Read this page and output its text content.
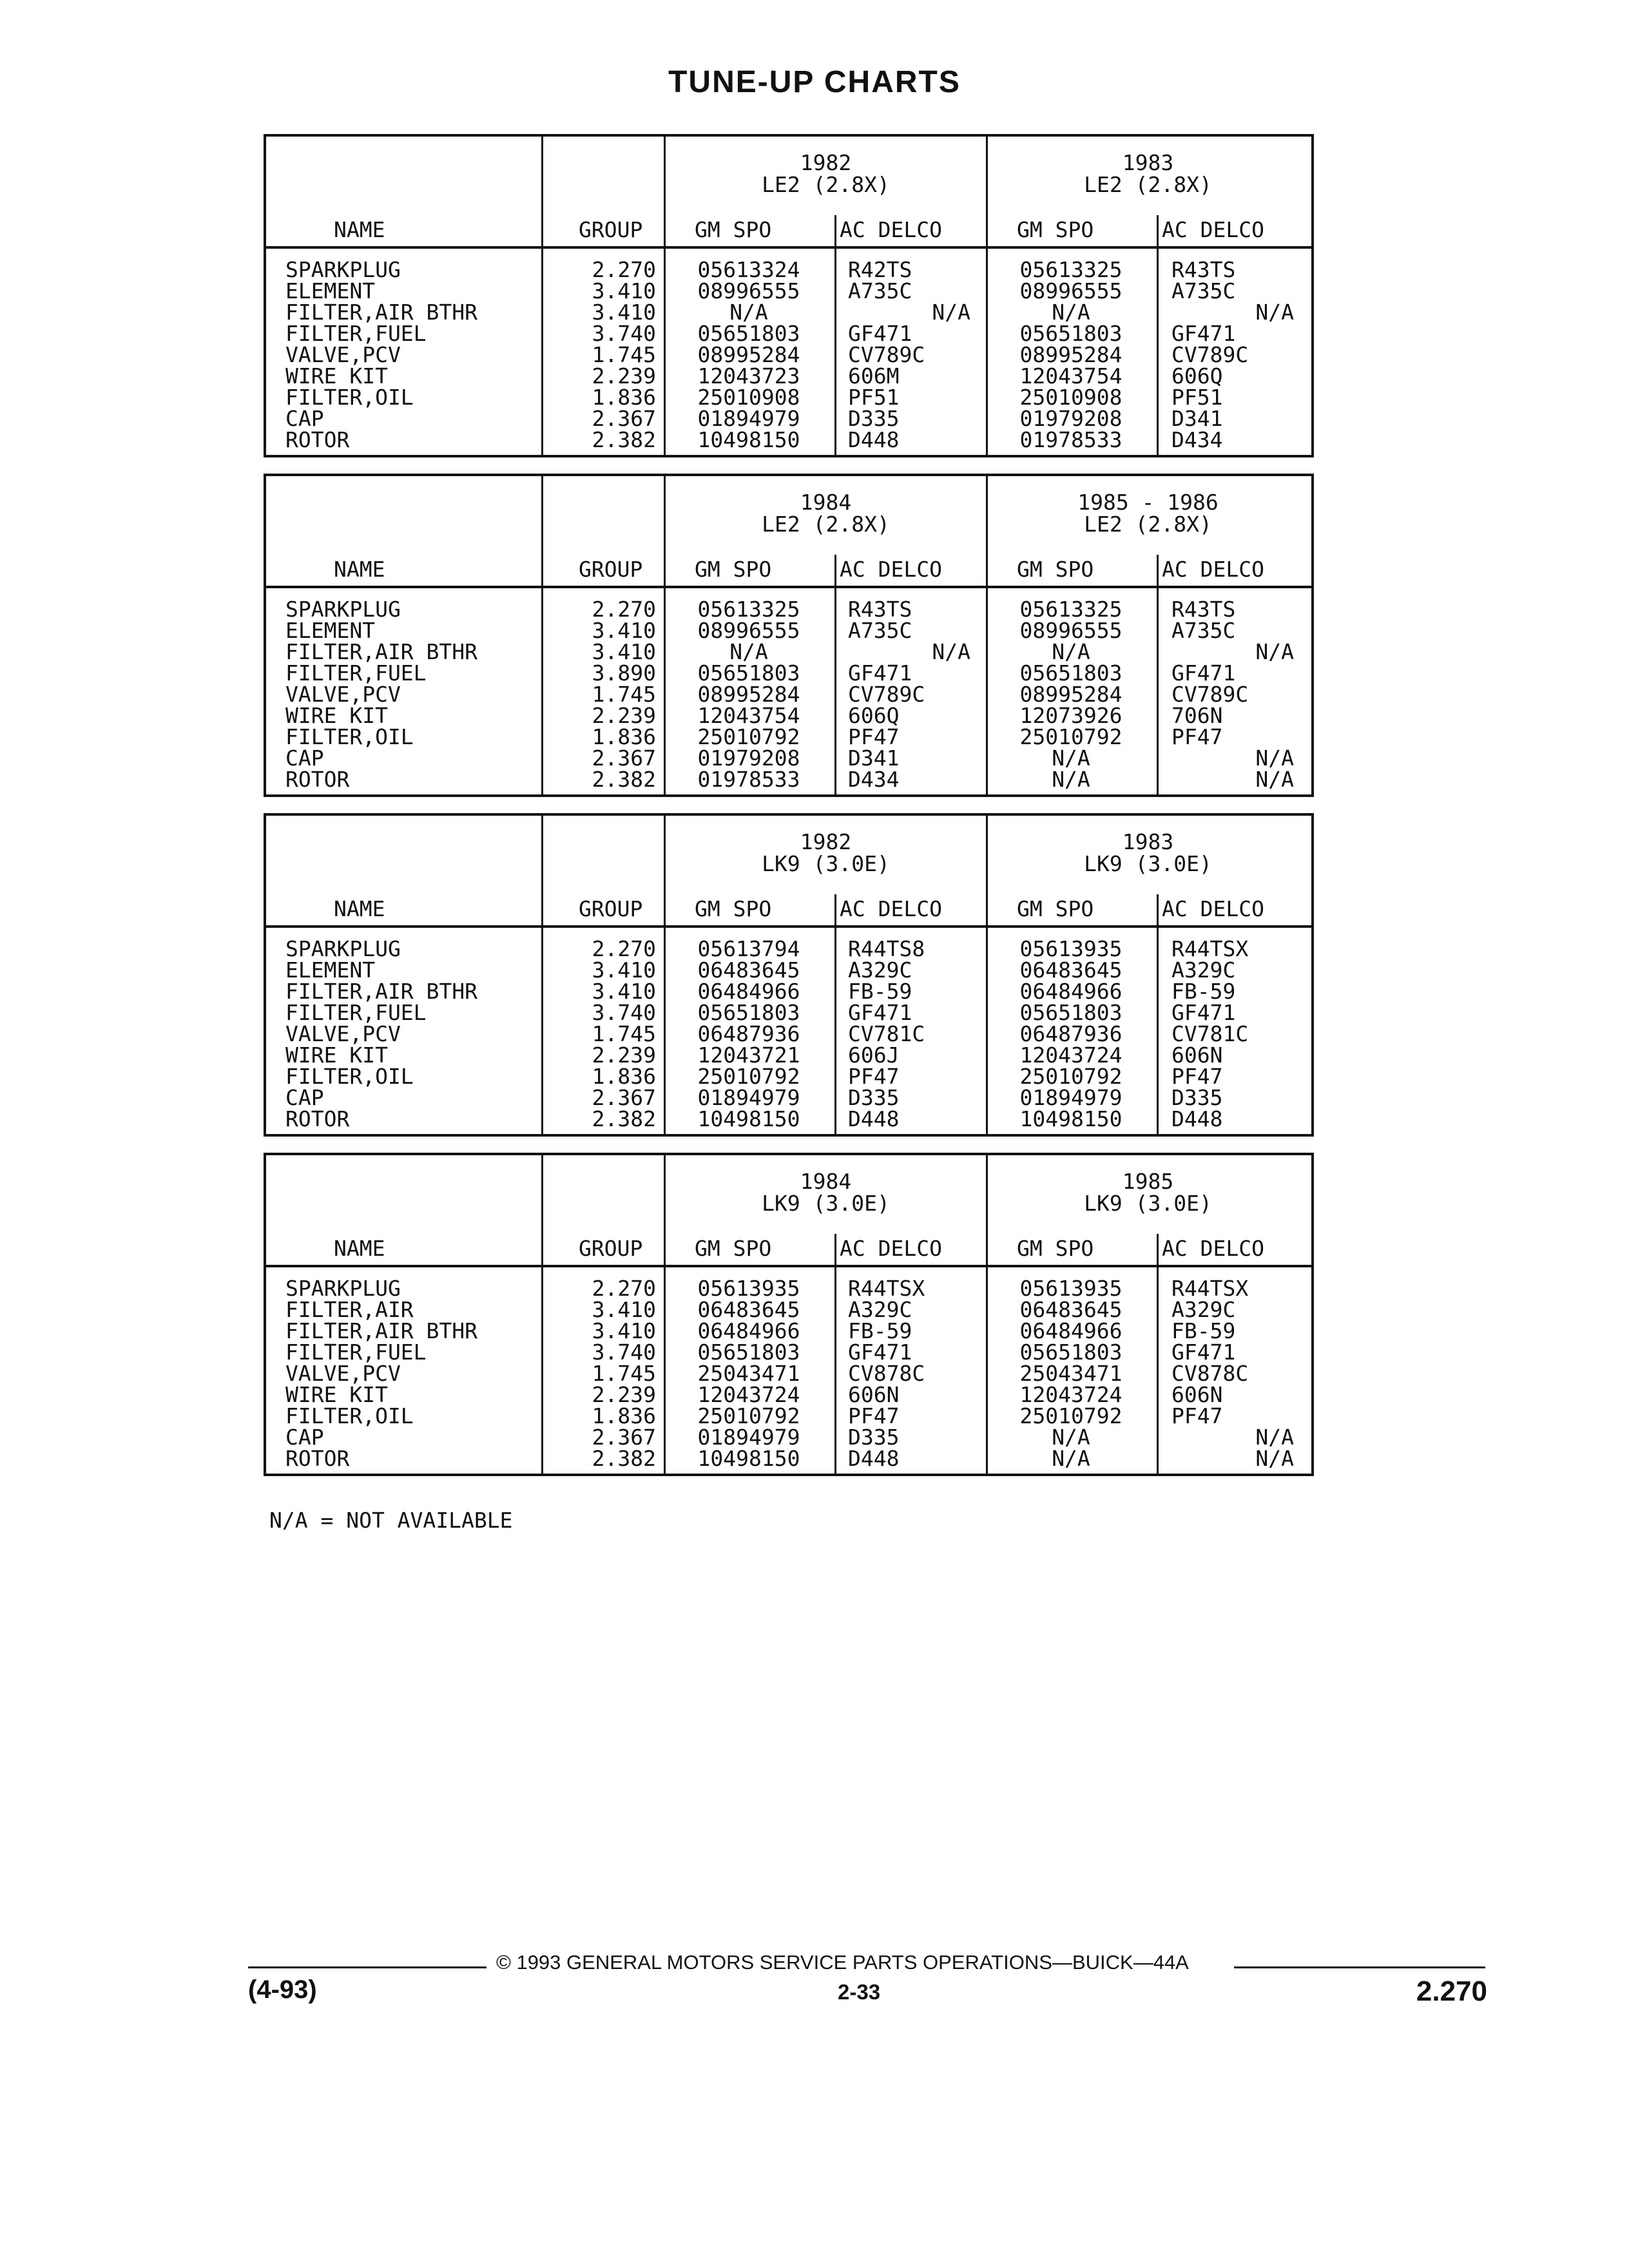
TUNE-UP CHARTS
1982
LE2 (2.8X)
GM SPO	AC DELCO
1983
LE2 (2.8X)
GM SPO	AC DELCO
NAME	GROUP
SPARKPLUG	2.270	05613324	R42TS	05613325	R43TS
ELEMENT	3.410	08996555	A735C	08996555	A735C
FILTER,AIR BTHR	3.410	N/A	N/A	N/A	N/A
FILTER,FUEL	3.740	05651803	GF471	05651803	GF471
VALVE,PCV	1.745	08995284	CV789C	08995284	CV789C
WIRE KIT	2.239	12043723	606M	12043754	606Q
FILTER,OIL	1.836	25010908	PF51	25010908	PF51
CAP	2.367	01894979	D335	01979208	D341
ROTOR	2.382	10498150	D448	01978533	D434
1984
LE2 (2.8X)
GM SPO	AC DELCO
1985 - 1986
LE2 (2.8X)
GM SPO	AC DELCO
NAME	GROUP
SPARKPLUG	2.270	05613325	R43TS	05613325	R43TS
ELEMENT	3.410	08996555	A735C	08996555	A735C
FILTER,AIR BTHR	3.410	N/A	N/A	N/A	N/A
FILTER,FUEL	3.890	05651803	GF471	05651803	GF471
VALVE,PCV	1.745	08995284	CV789C	08995284	CV789C
WIRE KIT	2.239	12043754	606Q	12073926	706N
FILTER,OIL	1.836	25010792	PF47	25010792	PF47
CAP	2.367	01979208	D341	N/A	N/A
ROTOR	2.382	01978533	D434	N/A	N/A
1982
LK9 (3.0E)
GM SPO	AC DELCO
1983
LK9 (3.0E)
GM SPO	AC DELCO
NAME	GROUP
SPARKPLUG	2.270	05613794	R44TS8	05613935	R44TSX
ELEMENT	3.410	06483645	A329C	06483645	A329C
FILTER,AIR BTHR	3.410	06484966	FB-59	06484966	FB-59
FILTER,FUEL	3.740	05651803	GF471	05651803	GF471
VALVE,PCV	1.745	06487936	CV781C	06487936	CV781C
WIRE KIT	2.239	12043721	606J	12043724	606N
FILTER,OIL	1.836	25010792	PF47	25010792	PF47
CAP	2.367	01894979	D335	01894979	D335
ROTOR	2.382	10498150	D448	10498150	D448
1984
LK9 (3.0E)
GM SPO	AC DELCO
1985
LK9 (3.0E)
GM SPO	AC DELCO
NAME	GROUP
SPARKPLUG	2.270	05613935	R44TSX	05613935	R44TSX
FILTER,AIR	3.410	06483645	A329C	06483645	A329C
FILTER,AIR BTHR	3.410	06484966	FB-59	06484966	FB-59
FILTER,FUEL	3.740	05651803	GF471	05651803	GF471
VALVE,PCV	1.745	25043471	CV878C	25043471	CV878C
WIRE KIT	2.239	12043724	606N	12043724	606N
FILTER,OIL	1.836	25010792	PF47	25010792	PF47
CAP	2.367	01894979	D335	N/A	N/A
ROTOR	2.382	10498150	D448	N/A	N/A
N/A = NOT AVAILABLE
© 1993 GENERAL MOTORS SERVICE PARTS OPERATIONS—BUICK—44A
(4-93)	2-33	2.270
